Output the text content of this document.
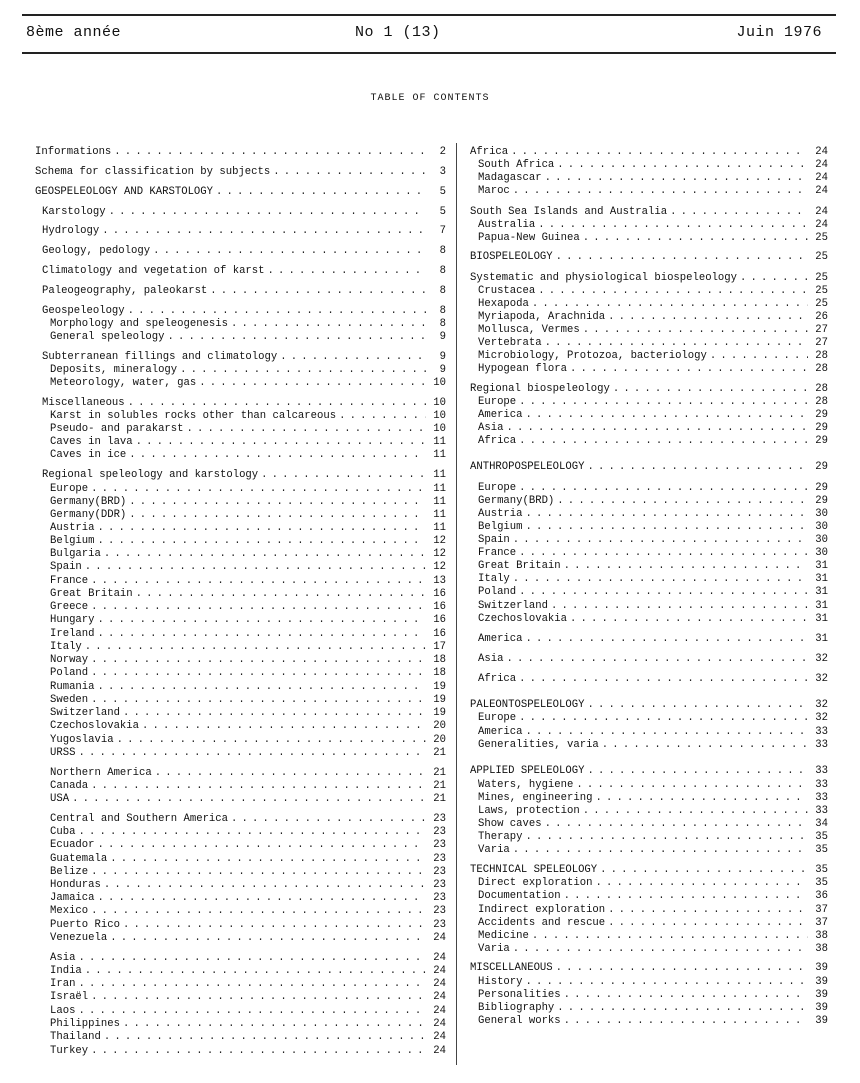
8ème année	No 1 (13)	Juin 1976
TABLE OF CONTENTS
Informations . . .	2
Schema for classification by subjects . . .	3
GEOSPELEOLOGY AND KARSTOLOGY . . .	5
Karstology . . .	5
Hydrology . . .	7
Geology, pedology . . .	8
Climatology and vegetation of karst . . .	8
Paleogeography, paleokarst . . .	8
Geospeleology . . .	8
Morphology and speleogenesis . . .	8
General speleology . . .	9
Subterranean fillings and climatology . . .	9
Deposits, mineralogy . . .	9
Meteorology, water, gas . . .	10
Miscellaneous . . .	10
Karst in solubles rocks other than calcareous . . .	10
Pseudo- and parakarst . . .	10
Caves in lava . . .	11
Caves in ice . . .	11
Regional speleology and karstology . . .	11
Europe . . .	11
Germany(BRD) . . .	11
Germany(DDR) . . .	11
Austria . . .	11
Belgium . . .	12
Bulgaria . . .	12
Spain . . .	12
France . . .	13
Great Britain . . .	16
Greece . . .	16
Hungary . . .	16
Ireland . . .	16
Italy . . .	17
Norway . . .	18
Poland . . .	18
Rumania . . .	19
Sweden . . .	19
Switzerland . . .	19
Czechoslovakia . . .	20
Yugoslavia . . .	20
URSS . . .	21
Northern America . . .	21
Canada . . .	21
USA . . .	21
Central and Southern America . . .	23
Cuba . . .	23
Ecuador . . .	23
Guatemala . . .	23
Belize . . .	23
Honduras . . .	23
Jamaica . . .	23
Mexico . . .	23
Puerto Rico . . .	23
Venezuela . . .	24
Asia . . .	24
India . . .	24
Iran . . .	24
Israël . . .	24
Laos . . .	24
Philippines . . .	24
Thailand . . .	24
Turkey . . .	24
Africa . . .	24
South Africa . . .	24
Madagascar . . .	24
Maroc . . .	24
South Sea Islands and Australia . . .	24
Australia . . .	24
Papua-New Guinea . . .	25
BIOSPELEOLOGY . . .	25
Systematic and physiological biospeleology . . .	25
Crustacea . . .	25
Hexapoda . . .	25
Myriapoda, Arachnida . . .	26
Mollusca, Vermes . . .	27
Vertebrata . . .	27
Microbiology, Protozoa, bacteriology . . .	28
Hypogean flora . . .	28
Regional biospeleology . . .	28
Europe . . .	28
America . . .	29
Asia . . .	29
Africa . . .	29
ANTHROPOSPELEOLOGY . . .	29
Europe . . .	29
Germany(BRD) . . .	29
Austria . . .	30
Belgium . . .	30
Spain . . .	30
France . . .	30
Great Britain . . .	31
Italy . . .	31
Poland . . .	31
Switzerland . . .	31
Czechoslovakia . . .	31
America . . .	31
Asia . . .	32
Africa . . .	32
PALEONTOSPELEOLOGY . . .	32
Europe . . .	32
America . . .	33
Generalities, varia . . .	33
APPLIED SPELEOLOGY . . .	33
Waters, hygiene . . .	33
Mines, engineering . . .	33
Laws, protection . . .	33
Show caves . . .	34
Therapy . . .	35
Varia . . .	35
TECHNICAL SPELEOLOGY . . .	35
Direct exploration . . .	35
Documentation . . .	36
Indirect exploration . . .	37
Accidents and rescue . . .	37
Medicine . . .	38
Varia . . .	38
MISCELLANEOUS . . .	39
History . . .	39
Personalities . . .	39
Bibliography . . .	39
General works . . .	39
